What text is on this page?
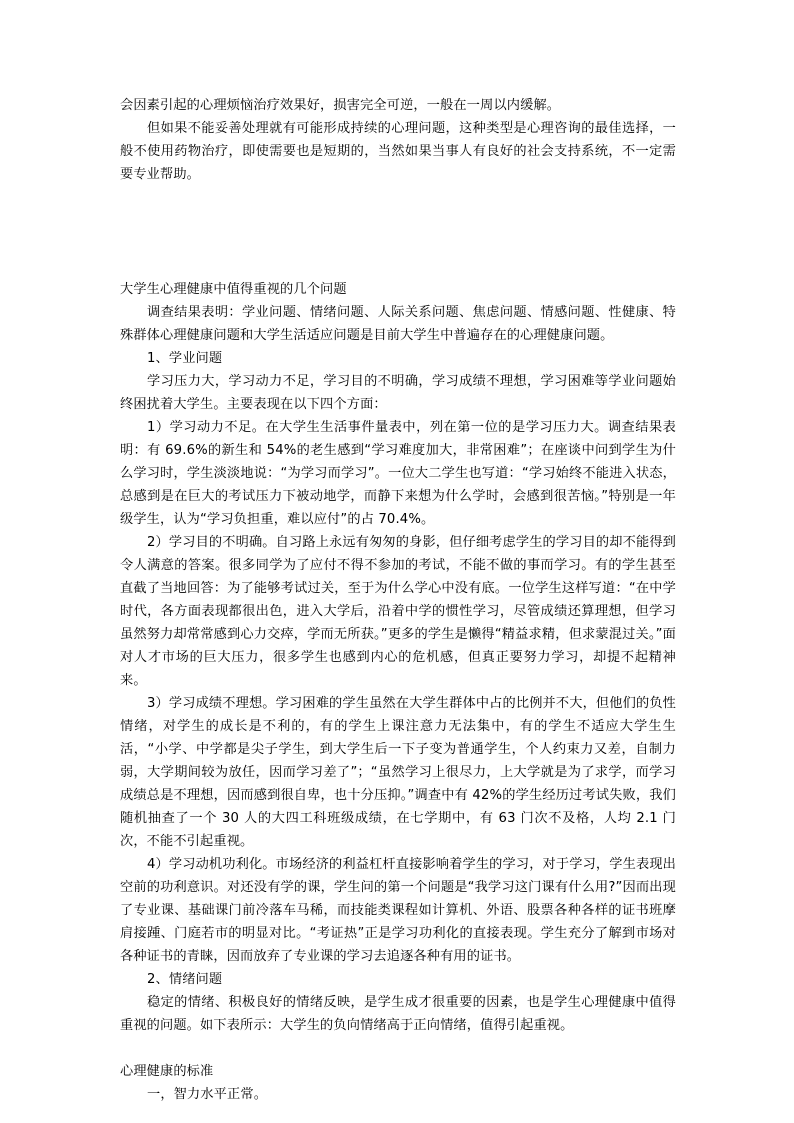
会因素引起的心理烦恼治疗效果好，损害完全可逆，一般在一周以内缓解。

但如果不能妥善处理就有可能形成持续的心理问题，这种类型是心理咨询的最佳选择，一般不使用药物治疗，即使需要也是短期的，当然如果当事人有良好的社会支持系统，不一定需要专业帮助。

大学生心理健康中值得重视的几个问题

调查结果表明：学业问题、情绪问题、人际关系问题、焦虑问题、情感问题、性健康、特殊群体心理健康问题和大学生活适应问题是目前大学生中普遍存在的心理健康问题。

1、学业问题

学习压力大，学习动力不足，学习目的不明确，学习成绩不理想，学习困难等学业问题始终困扰着大学生。主要表现在以下四个方面：

1）学习动力不足。在大学生生活事件量表中，列在第一位的是学习压力大。调查结果表明：有 69.6%的新生和 54%的老生感到“学习难度加大，非常困难”；在座谈中问到学生为什么学习时，学生淡淡地说：“为学习而学习”。一位大二学生也写道：“学习始终不能进入状态，总感到是在巨大的考试压力下被动地学，而静下来想为什么学时，会感到很苦恼。”特别是一年级学生，认为“学习负担重，难以应付”的占 70.4%。

2）学习目的不明确。自习路上永远有匆匆的身影，但仔细考虑学生的学习目的却不能得到令人满意的答案。很多同学为了应付不得不参加的考试，不能不做的事而学习。有的学生甚至直截了当地回答：为了能够考试过关，至于为什么学心中没有底。一位学生这样写道：“在中学时代，各方面表现都很出色，进入大学后，沿着中学的惯性学习，尽管成绩还算理想，但学习虽然努力却常常感到心力交瘁，学而无所获。”更多的学生是懒得“精益求精，但求蒙混过关。”面对人才市场的巨大压力，很多学生也感到内心的危机感，但真正要努力学习，却提不起精神来。

3）学习成绩不理想。学习困难的学生虽然在大学生群体中占的比例并不大，但他们的负性情绪，对学生的成长是不利的，有的学生上课注意力无法集中，有的学生不适应大学生生活，“小学、中学都是尖子学生，到大学生后一下子变为普通学生，个人约束力又差，自制力弱，大学期间较为放任，因而学习差了”；“虽然学习上很尽力，上大学就是为了求学，而学习成绩总是不理想，因而感到很自卑，也十分压抑。”调查中有 42%的学生经历过考试失败，我们随机抽查了一个 30 人的大四工科班级成绩，在七学期中，有 63 门次不及格，人均 2.1 门次，不能不引起重视。

4）学习动机功利化。市场经济的利益杠杆直接影响着学生的学习，对于学习，学生表现出空前的功利意识。对还没有学的课，学生问的第一个问题是“我学习这门课有什么用?”因而出现了专业课、基础课门前冷落车马稀，而技能类课程如计算机、外语、股票各种各样的证书班摩肩接踵、门庭若市的明显对比。“考证热”正是学习功利化的直接表现。学生充分了解到市场对各种证书的青睐，因而放弃了专业课的学习去追逐各种有用的证书。

2、情绪问题

稳定的情绪、积极良好的情绪反映，是学生成才很重要的因素，也是学生心理健康中值得重视的问题。如下表所示：大学生的负向情绪高于正向情绪，值得引起重视。

心理健康的标准

一，智力水平正常。
